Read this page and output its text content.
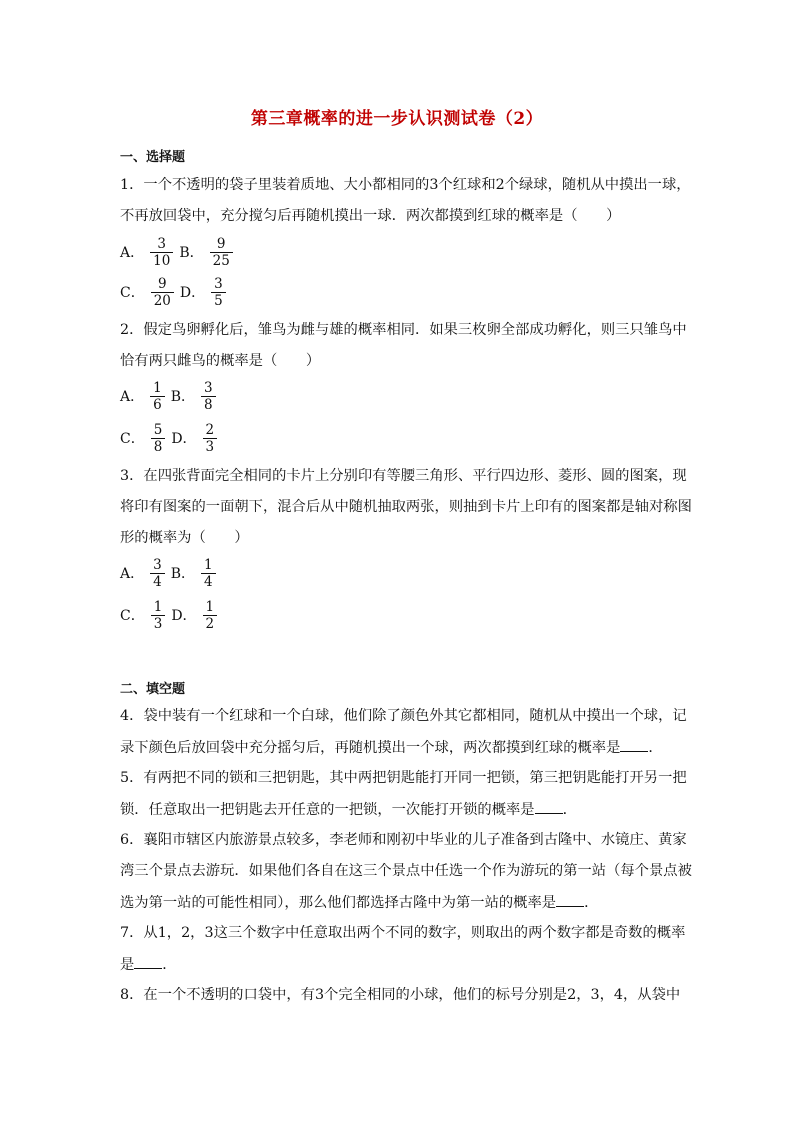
第三章概率的进一步认识测试卷（2）
一、选择题
1．一个不透明的袋子里装着质地、大小都相同的3个红球和2个绿球，随机从中摸出一球，
不再放回袋中，充分搅匀后再随机摸出一球．两次都摸到红球的概率是（　　）
A． $\frac{3}{10}$ B． $\frac{9}{25}$
C． $\frac{9}{20}$ D． $\frac{3}{5}$
2．假定鸟卵孵化后，雏鸟为雌与雄的概率相同．如果三枚卵全部成功孵化，则三只雏鸟中
恰有两只雌鸟的概率是（　　）
A． $\frac{1}{6}$ B． $\frac{3}{8}$
C． $\frac{5}{8}$ D． $\frac{2}{3}$
3．在四张背面完全相同的卡片上分别印有等腰三角形、平行四边形、菱形、圆的图案，现
将印有图案的一面朝下，混合后从中随机抽取两张，则抽到卡片上印有的图案都是轴对称图
形的概率为（　　）
A． $\frac{3}{4}$ B． $\frac{1}{4}$
C． $\frac{1}{3}$ D． $\frac{1}{2}$
二、填空题
4．袋中装有一个红球和一个白球，他们除了颜色外其它都相同，随机从中摸出一个球，记
录下颜色后放回袋中充分摇匀后，再随机摸出一个球，两次都摸到红球的概率是 ．
5．有两把不同的锁和三把钥匙，其中两把钥匙能打开同一把锁，第三把钥匙能打开另一把
锁．任意取出一把钥匙去开任意的一把锁，一次能打开锁的概率是 ．
6．襄阳市辖区内旅游景点较多，李老师和刚初中毕业的儿子准备到古隆中、水镜庄、黄家
湾三个景点去游玩．如果他们各自在这三个景点中任选一个作为游玩的第一站（每个景点被
选为第一站的可能性相同），那么他们都选择古隆中为第一站的概率是 ．
7．从1，2，3这三个数字中任意取出两个不同的数字，则取出的两个数字都是奇数的概率
是 ．
8．在一个不透明的口袋中，有3个完全相同的小球，他们的标号分别是2，3，4，从袋中
